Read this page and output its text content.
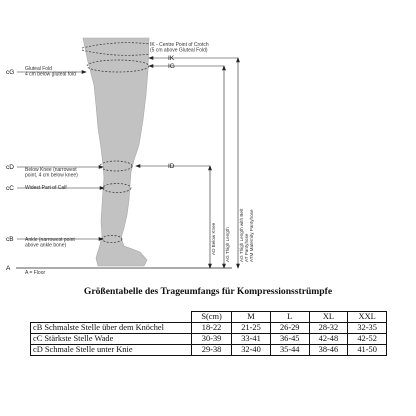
IK
IK - Centre Point of Crotch (5 cm above Gluteal Fold)
IG
cG Gluteal Fold 4 cm below gluteal fold
cD Below Knee (narrowest point, 4 cm below knee)
ID
cC Widest Part of Calf
cB Ankle (narrowest point above ankle bone)
A
A = Floor
AD Below Knee AG Thigh Length AG Thigh Length with BeltAT PantyhoseATM Maternity Pantyhose
Größentabelle des Trageumfangs für Kompressionsstrümpfe
	S(cm)	M	L	XL	XXL
cB Schmalste Stelle über dem Knöchel	18-22	21-25	26-29	28-32	32-35
cC Stärkste Stelle Wade	30-39	33-41	36-45	42-48	42-52
cD Schmale Stelle unter Knie	29-38	32-40	35-44	38-46	41-50
